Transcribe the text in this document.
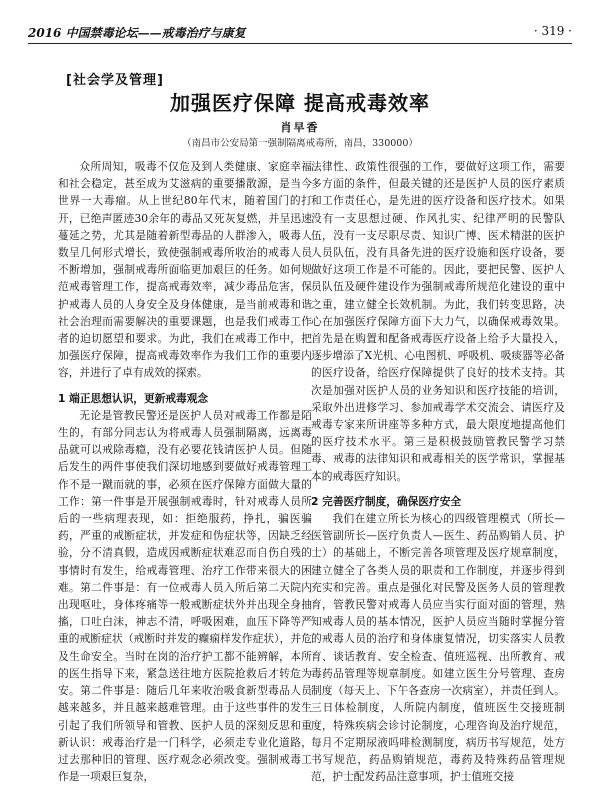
2016 中国禁毒论坛——戒毒治疗与康复	· 319 ·
[社会学及管理]
加强医疗保障 提高戒毒效率
肖早香
（南昌市公安局第一强制隔离戒毒所，南昌，330000）

众所周知，吸毒不仅危及到人类健康、家庭幸福和社会稳定，甚至成为艾滋病的重要播散源，是当今世界一大毒瘤。从上世纪80年代末，随着国门的打开，已绝声匿迹30余年的毒品又死灰复燃，并呈迅速蔓延之势，尤其是随着新型毒品的人群渗入，吸毒人数呈几何形式增长，致使强制戒毒所收治的戒毒人员不断增加，强制戒毒所面临更加艰巨的任务。如何规范戒毒管理工作，提高戒毒效率，减少毒品危害，保护戒毒人员的人身安全及身体健康，是当前戒毒和谐社会治理而需要解决的重要课题，也是我们戒毒工作者的迫切愿望和要求。为此，我们在戒毒工作中，把加强医疗保障，提高戒毒效率作为我们工作的重要内容，并进行了卓有成效的探索。

1 端正思想认识，更新戒毒观念

无论是管教民警还是医护人员对戒毒工作都是陌生的，有部分同志认为将戒毒人员强制隔离，远离毒品就可以戒除毒瘾，没有必要花钱请医护人员。但随后发生的两件事使我们深切地感到要做好戒毒管理工作不是一蹴而就的事，必须在医疗保障方面做大量的工作：第一件事是开展强制戒毒时，针对戒毒人员所后的一些病理表现，如：拒绝服药，挣扎，骗医骗药，严重的戒断症状，并发症和伪症状等，因缺乏经验，分不清真假，造成因戒断症状难忍而自伤自残的事情时有发生，给戒毒管理、治疗工作带来很大的困难。第二件事是：有一位戒毒人员入所后第二天院内出现呕吐，身体疼痛等一般戒断症状外并出现全身抽搐，口吐白沫，神志不清，呼吸困难，血压下降等严重的戒断症状（戒断时并发的癫痫样发作症状），并危及生命安全。当时在岗的治疗护工都不能辨解，本所的医生指导下来，紧急送往地方医院抢救后才转危为安。第二件事是：随后几年来收治吸食新型毒品人员越来越多，并且越来越难管理。由于这些事件的发生引起了我们所领导和管教、医护人员的深刻反思和重新认识：戒毒治疗是一门科学，必须走专业化道路，过去那种旧的管理、医疗观念必须改变。强制戒毒工作是一项艰巨复杂，

法律性、政策性很强的工作，要做好这项工作，需要多方面的条件，但最关键的还是医护人员的医疗素质和工作责任心，是先进的医疗设备和医疗技术。如果没有一支思想过硬、作风扎实、纪律严明的民警队伍，没有一支尽职尽责、知识广博、医术精湛的医护人员队伍，没有具备先进的医疗设施和医疗设备，要做好这项工作是不可能的。因此，要把民警、医护人员队伍及硬件建设作为强制戒毒所规范化建设的重中之重，建立健全长效机制。为此，我们转变思路，决心在加强医疗保障方面下大力气，以确保戒毒效果。首先是在购置和配备戒毒医疗设备上给予大量投入，逐步增添了X光机、心电图机、呼吸机、吸痰器等必备的医疗设备，给医疗保障提供了良好的技术支持。其次是加强对医护人员的业务知识和医疗技能的培训，采取外出进修学习、参加戒毒学术交流会、请医疗及戒毒专家来所讲座等多种方式，最大限度地提高他们的医疗技术水平。第三是积极鼓励管教民警学习禁毒、戒毒的法律知识和戒毒相关的医学常识，掌握基本的戒毒医疗知识。

2 完善医疗制度，确保医疗安全

我们在建立所长为核心的四级管理模式（所长—医管副所长—医疗负责人—医生、药品购销人员、护士）的基础上，不断完善各项管理及医疗规章制度，建立健全了各类人员的职责和工作制度，并逐步得到充实和完善。重点是强化对民警及医务人员的管理教育，管教民警对戒毒人员应当实行面对面的管理，熟知戒毒人员的基本情况，医护人员应当随时掌握分管的戒毒人员的治疗和身体康复情况，切实落实人员教育、谈话教育、安全检查、值班巡视、出所教育、戒毒药品管理等规章制度。如建立医生分号管理、查房制度（每天上、下午各查房一次病室），并责任到人。三日体检制度，人所院内制度，值班医生交接班制度，特殊疾病会诊讨论制度，心理咨询及治疗规范，每月不定期尿液吗啡检测制度，病历书写规范，处方书写规范，药品购销规范，毒药及特殊药品管理规范，护士配发药品注意事项，护士值班交接
